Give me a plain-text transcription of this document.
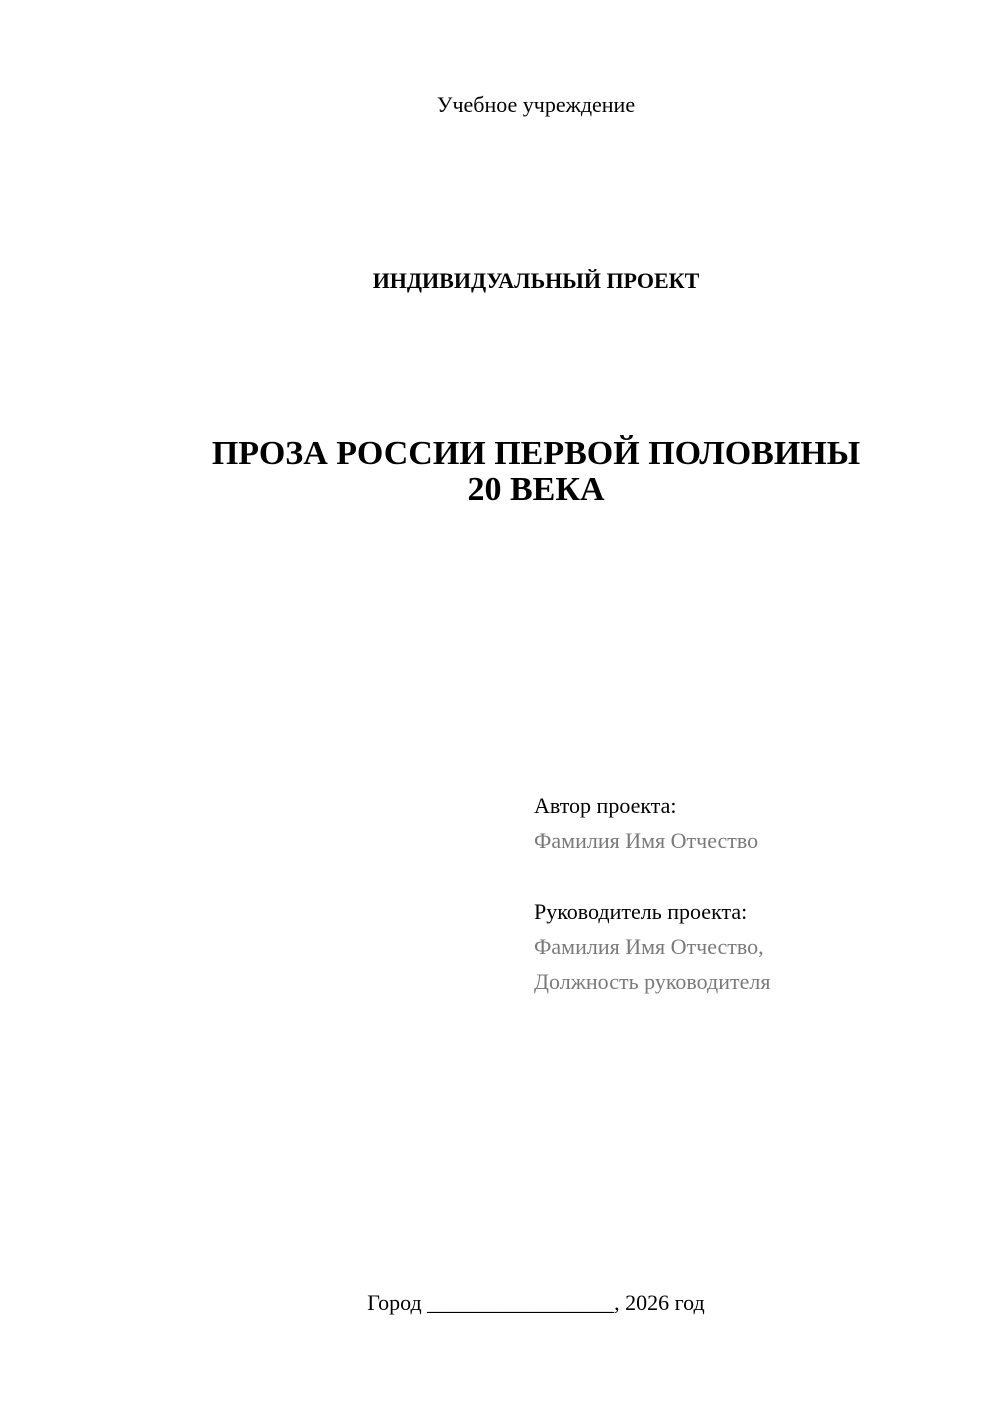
Учебное учреждение
ИНДИВИДУАЛЬНЫЙ ПРОЕКТ
ПРОЗА РОССИИ ПЕРВОЙ ПОЛОВИНЫ
20 ВЕКА
Автор проекта:
Фамилия Имя Отчество
Руководитель проекта:
Фамилия Имя Отчество,
Должность руководителя
Город _________________, 2026 год
